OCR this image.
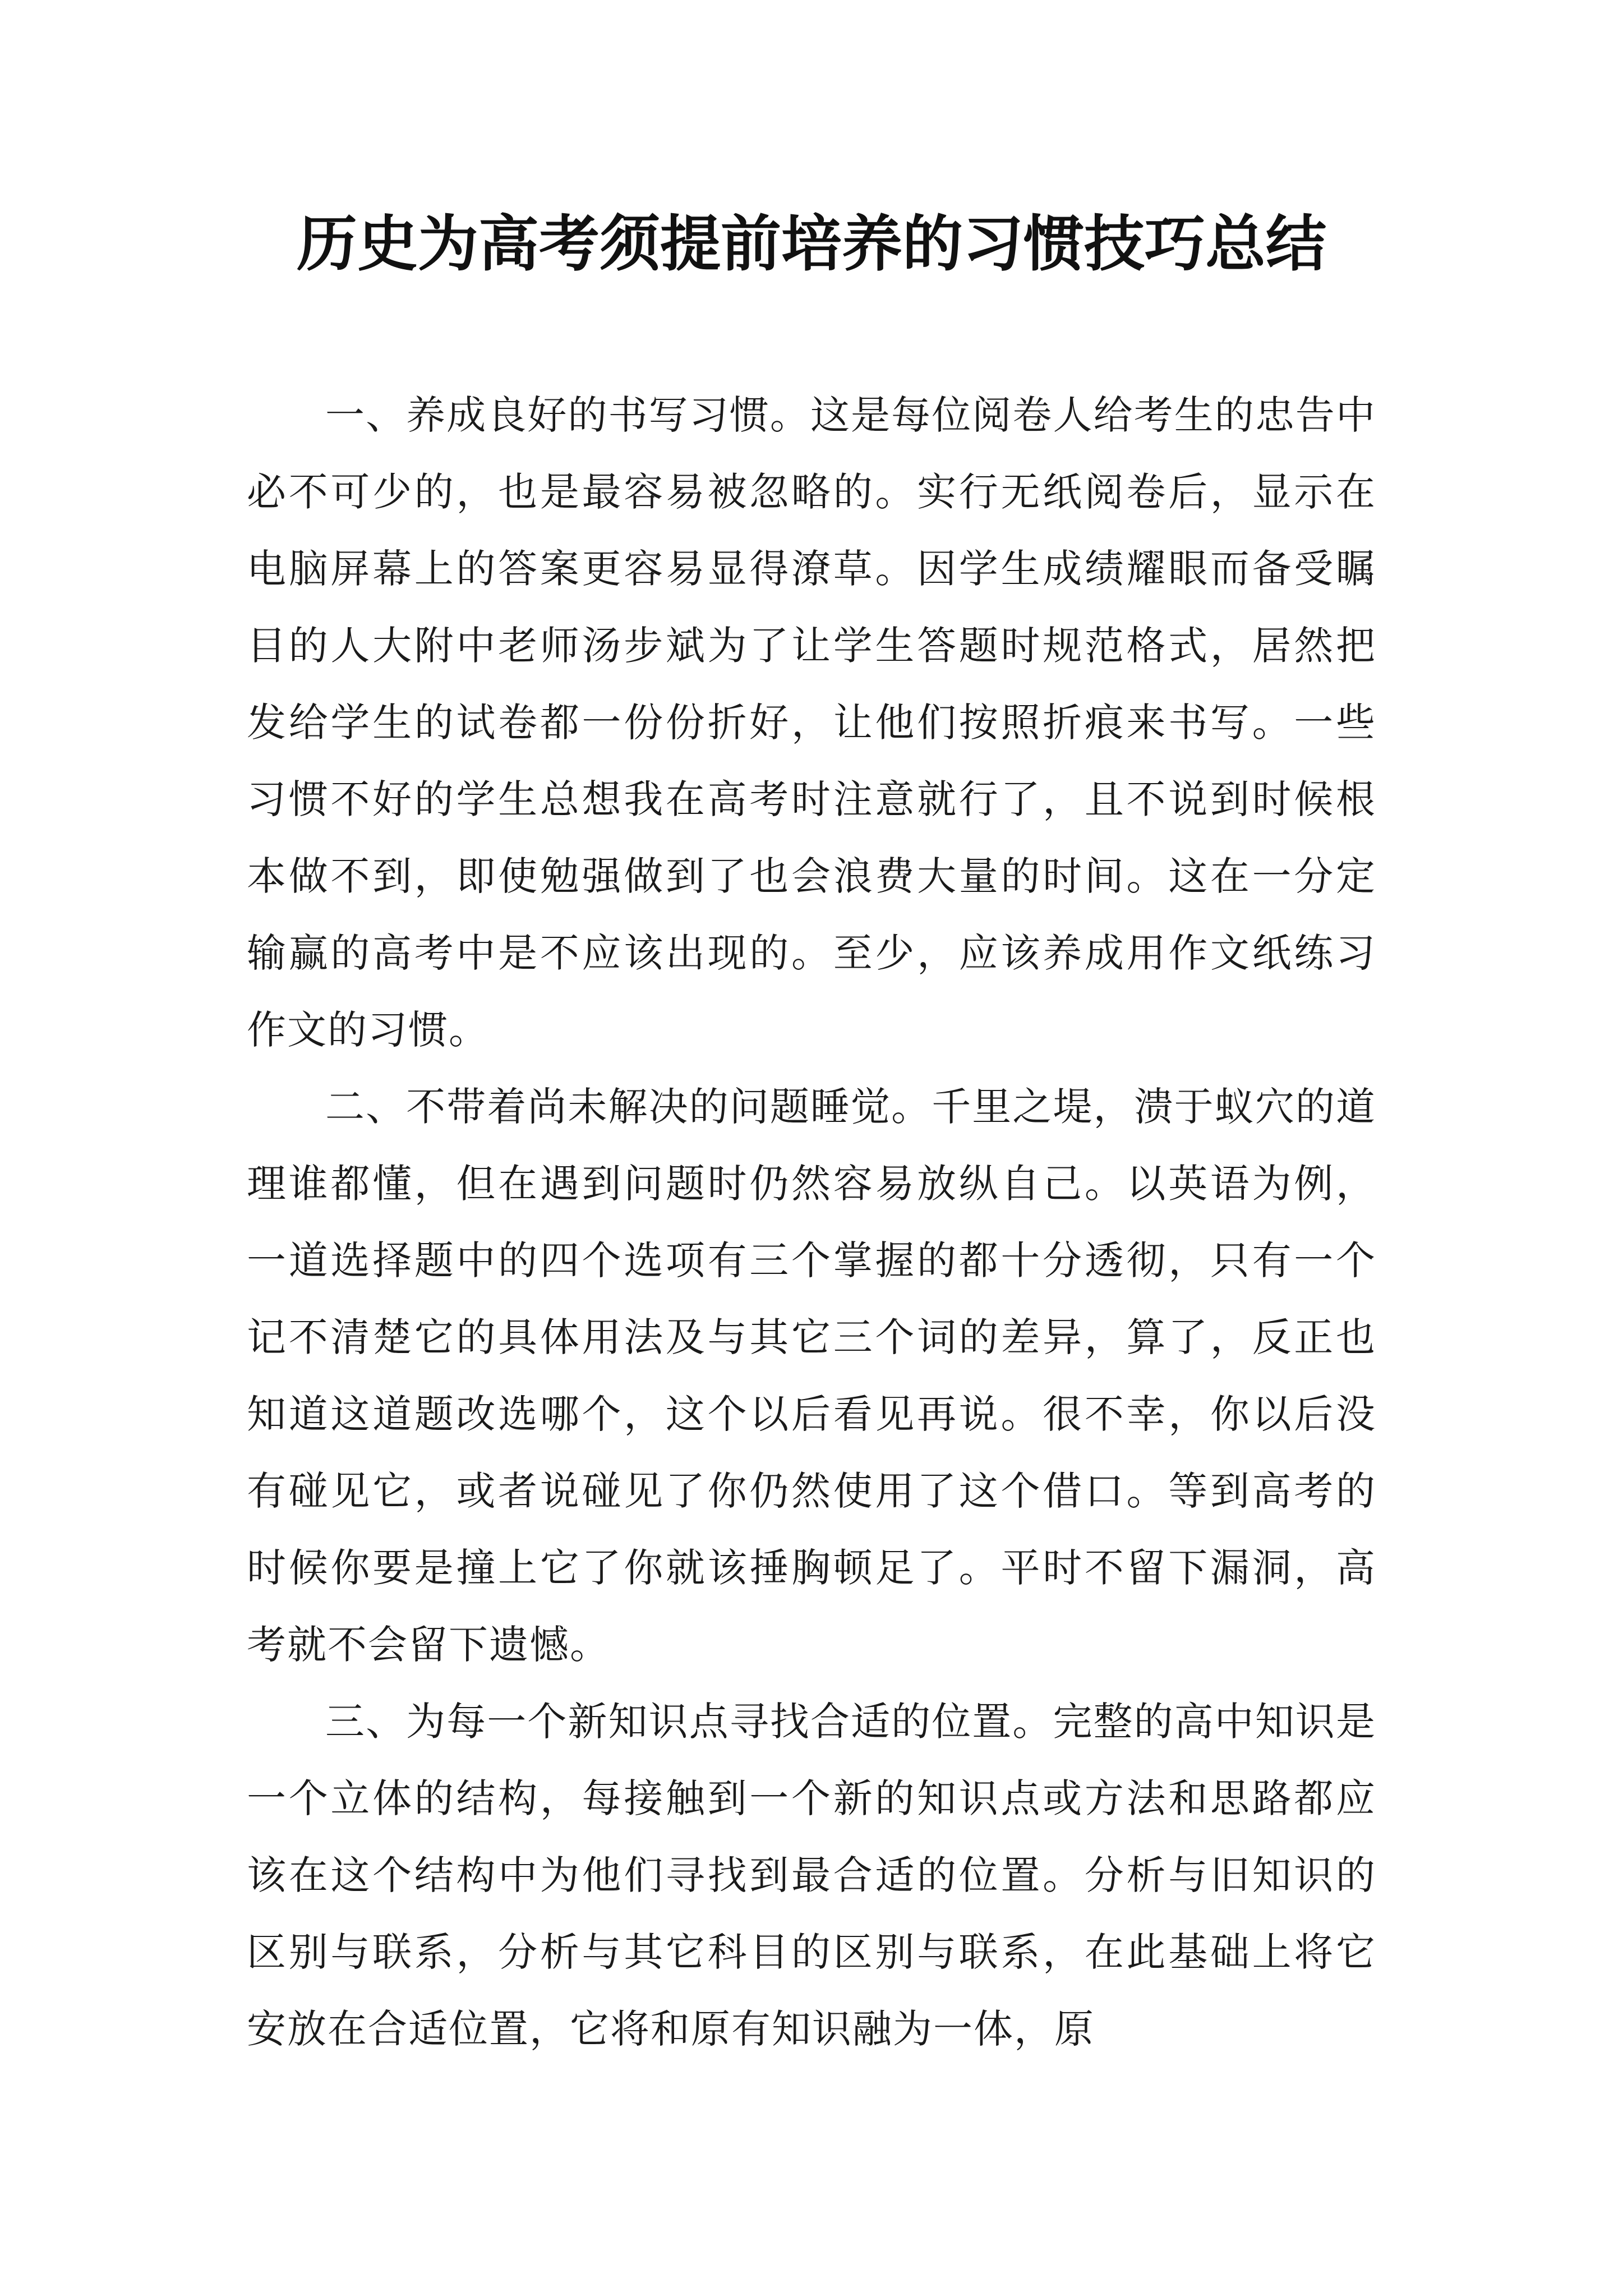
历史为高考须提前培养的习惯技巧总结

一、养成良好的书写习惯。这是每位阅卷人给考生的忠告中必不可少的，也是最容易被忽略的。实行无纸阅卷后，显示在电脑屏幕上的答案更容易显得潦草。因学生成绩耀眼而备受瞩目的人大附中老师汤步斌为了让学生答题时规范格式，居然把发给学生的试卷都一份份折好，让他们按照折痕来书写。一些习惯不好的学生总想我在高考时注意就行了，且不说到时候根本做不到，即使勉强做到了也会浪费大量的时间。这在一分定输赢的高考中是不应该出现的。至少，应该养成用作文纸练习作文的习惯。

二、不带着尚未解决的问题睡觉。千里之堤，溃于蚁穴的道理谁都懂，但在遇到问题时仍然容易放纵自己。以英语为例，一道选择题中的四个选项有三个掌握的都十分透彻，只有一个记不清楚它的具体用法及与其它三个词的差异，算了，反正也知道这道题改选哪个，这个以后看见再说。很不幸，你以后没有碰见它，或者说碰见了你仍然使用了这个借口。等到高考的时候你要是撞上它了你就该捶胸顿足了。平时不留下漏洞，高考就不会留下遗憾。

三、为每一个新知识点寻找合适的位置。完整的高中知识是一个立体的结构，每接触到一个新的知识点或方法和思路都应该在这个结构中为他们寻找到最合适的位置。分析与旧知识的区别与联系，分析与其它科目的区别与联系，在此基础上将它安放在合适位置，它将和原有知识融为一体，原
